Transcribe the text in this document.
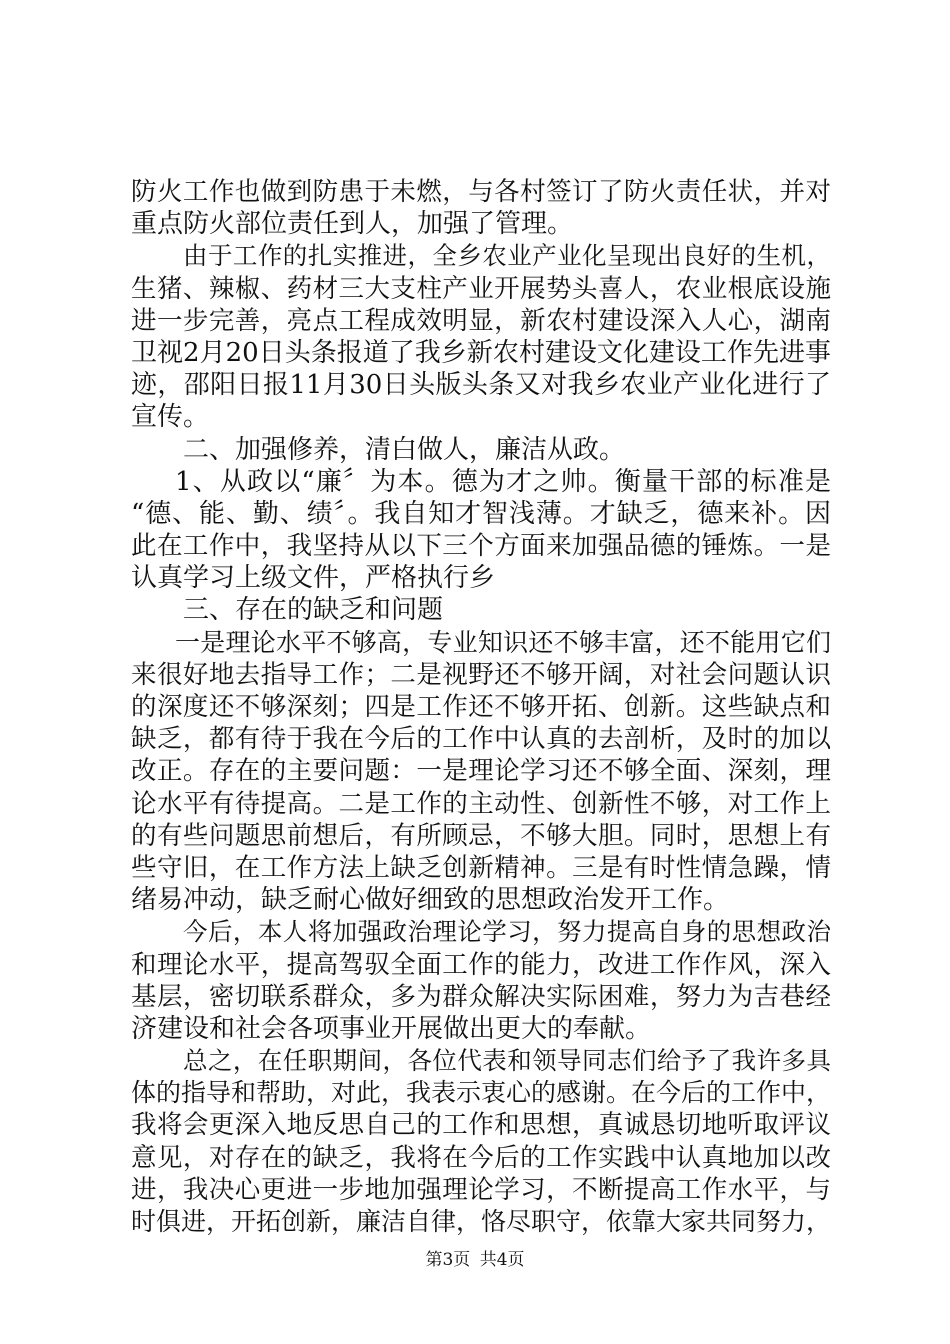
防火工作也做到防患于未燃，与各村签订了防火责任状，并对
重点防火部位责任到人，加强了管理。
由于工作的扎实推进，全乡农业产业化呈现出良好的生机，
生猪、辣椒、药材三大支柱产业开展势头喜人，农业根底设施
进一步完善，亮点工程成效明显，新农村建设深入人心，湖南
卫视2月20日头条报道了我乡新农村建设文化建设工作先进事
迹，邵阳日报11月30日头版头条又对我乡农业产业化进行了
宣传。
二、加强修养，清白做人，廉洁从政。
1、从政以“廉〞为本。德为才之帅。衡量干部的标准是
“德、能、勤、绩〞。我自知才智浅薄。才缺乏，德来补。因
此在工作中，我坚持从以下三个方面来加强品德的锤炼。一是
认真学习上级文件，严格执行乡
三、存在的缺乏和问题
一是理论水平不够高，专业知识还不够丰富，还不能用它们
来很好地去指导工作；二是视野还不够开阔，对社会问题认识
的深度还不够深刻；四是工作还不够开拓、创新。这些缺点和
缺乏，都有待于我在今后的工作中认真的去剖析，及时的加以
改正。存在的主要问题：一是理论学习还不够全面、深刻，理
论水平有待提高。二是工作的主动性、创新性不够，对工作上
的有些问题思前想后，有所顾忌，不够大胆。同时，思想上有
些守旧，在工作方法上缺乏创新精神。三是有时性情急躁，情
绪易冲动，缺乏耐心做好细致的思想政治发开工作。
今后，本人将加强政治理论学习，努力提高自身的思想政治
和理论水平，提高驾驭全面工作的能力，改进工作作风，深入
基层，密切联系群众，多为群众解决实际困难，努力为吉巷经
济建设和社会各项事业开展做出更大的奉献。
总之，在任职期间，各位代表和领导同志们给予了我许多具
体的指导和帮助，对此，我表示衷心的感谢。在今后的工作中，
我将会更深入地反思自己的工作和思想，真诚恳切地听取评议
意见，对存在的缺乏，我将在今后的工作实践中认真地加以改
进，我决心更进一步地加强理论学习，不断提高工作水平，与
时俱进，开拓创新，廉洁自律，恪尽职守，依靠大家共同努力，
第3页 共4页
